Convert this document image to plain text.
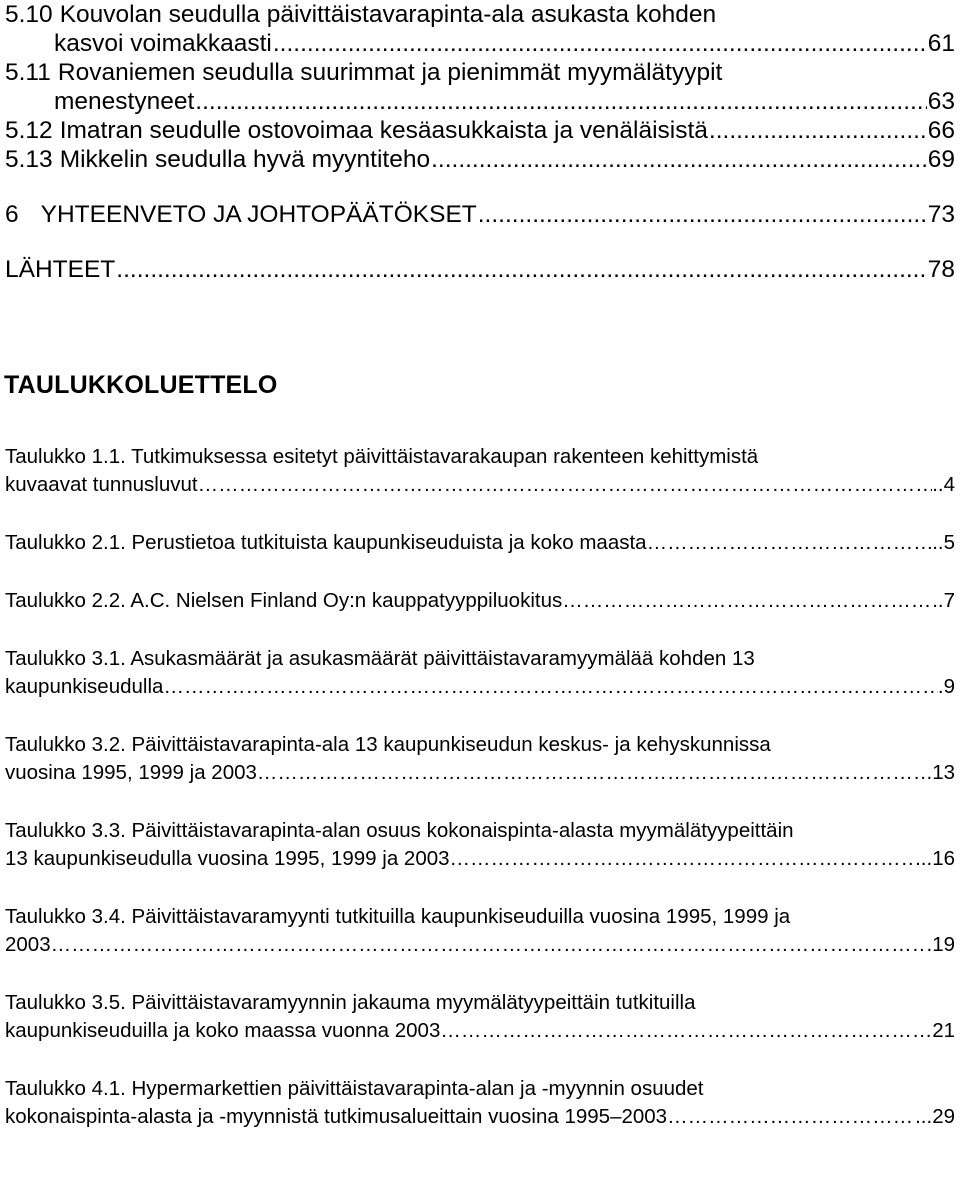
5.10 Kouvolan seudulla päivittäistavarapinta-ala asukasta kohden
kasvoi voimakkaasti .....	61
5.11 Rovaniemen seudulla suurimmat ja pienimmät myymälätyypit
menestyneet .....	63
5.12 Imatran seudulle ostovoimaa kesäasukkaista ja venäläisistä .....	66
5.13 Mikkelin seudulla hyvä myyntiteho .....	69
6 YHTEENVETO JA JOHTOPÄÄTÖKSET .....	73
LÄHTEET .....	78
TAULUKKOLUETTELO
Taulukko 1.1. Tutkimuksessa esitetyt päivittäistavarakaupan rakenteen kehittymistä
kuvaavat tunnusluvut ……………………………………………………………………………………………………………………………………………………………………………………………………………………………………	.. 4
Taulukko 2.1. Perustietoa tutkituista kaupunkiseuduista ja koko maasta ……………………………………………………………………………………………………………………………………………………………………………………………………………………………………	.. 5
Taulukko 2.2. A.C. Nielsen Finland Oy:n kauppatyyppiluokitus ……………………………………………………………………………………………………………………………………………………………………………………………………………………………………	.. 7
Taulukko 3.1. Asukasmäärät ja asukasmäärät päivittäistavaramyymälää kohden 13
kaupunkiseudulla ……………………………………………………………………………………………………………………………………………………………………………………………………………………………………	. 9
Taulukko 3.2. Päivittäistavarapinta-ala 13 kaupunkiseudun keskus- ja kehyskunnissa
vuosina 1995, 1999 ja 2003 ……………………………………………………………………………………………………………………………………………………………………………………………………………………………………	. 13
Taulukko 3.3. Päivittäistavarapinta-alan osuus kokonaispinta-alasta myymälätyypeittäin
13 kaupunkiseudulla vuosina 1995, 1999 ja 2003 ……………………………………………………………………………………………………………………………………………………………………………………………………………………………………	... 16
Taulukko 3.4. Päivittäistavaramyynti tutkituilla kaupunkiseuduilla vuosina 1995, 1999 ja
2003 ……………………………………………………………………………………………………………………………………………………………………………………………………………………………………	. 19
Taulukko 3.5. Päivittäistavaramyynnin jakauma myymälätyypeittäin tutkituilla
kaupunkiseuduilla ja koko maassa vuonna 2003 ……………………………………………………………………………………………………………………………………………………………………………………………………………………………………	21
Taulukko 4.1. Hypermarkettien päivittäistavarapinta-alan ja -myynnin osuudet
kokonaispinta-alasta ja -myynnistä tutkimusalueittain vuosina 1995–2003 ……………………………………………………………………………………………………………………………………………………………………………………………………………………………………	... 29
